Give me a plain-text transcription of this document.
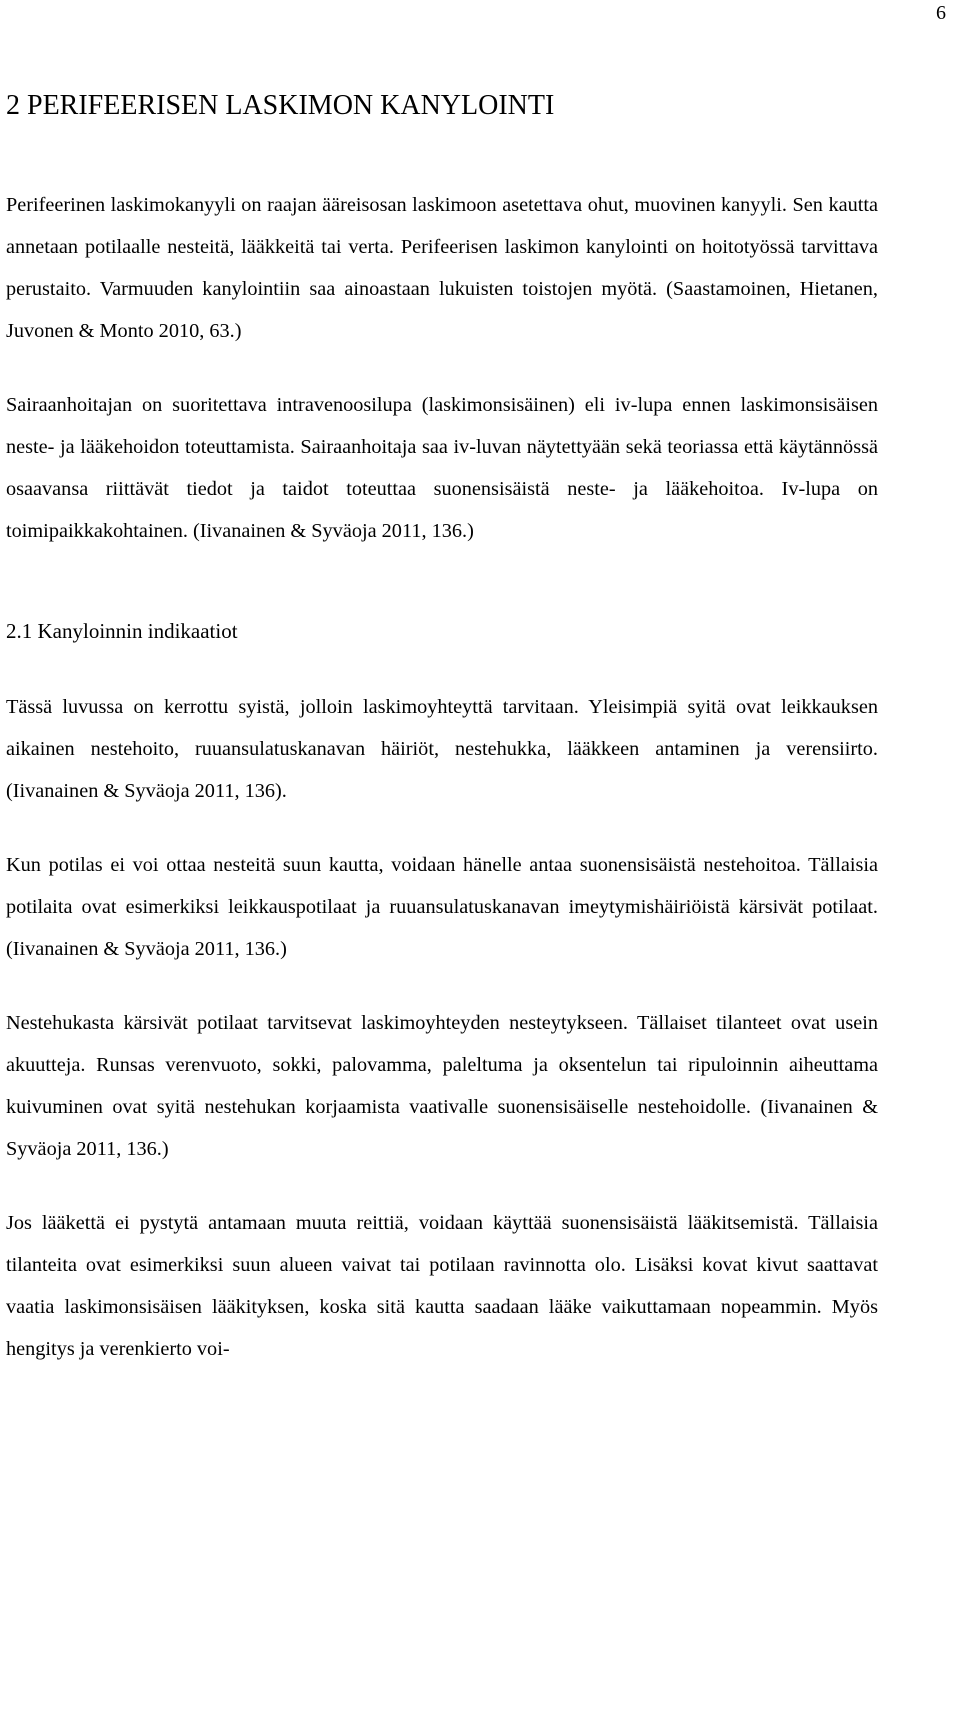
6
2 PERIFEERISEN LASKIMON KANYLOINTI

Perifeerinen laskimokanyyli on raajan ääreisosan laskimoon asetettava ohut, muovinen kanyyli. Sen kautta annetaan potilaalle nesteitä, lääkkeitä tai verta. Perifeerisen laskimon kanylointi on hoitotyössä tarvittava perustaito. Varmuuden kanylointiin saa ainoastaan lukuisten toistojen myötä. (Saastamoinen, Hietanen, Juvonen & Monto 2010, 63.)

Sairaanhoitajan on suoritettava intravenoosilupa (laskimonsisäinen) eli iv-lupa ennen laskimonsisäisen neste- ja lääkehoidon toteuttamista. Sairaanhoitaja saa iv-luvan näytettyään sekä teoriassa että käytännössä osaavansa riittävät tiedot ja taidot toteuttaa suonensisäistä neste- ja lääkehoitoa. Iv-lupa on toimipaikkakohtainen. (Iivanainen & Syväoja 2011, 136.)

2.1 Kanyloinnin indikaatiot

Tässä luvussa on kerrottu syistä, jolloin laskimoyhteyttä tarvitaan. Yleisimpiä syitä ovat leikkauksen aikainen nestehoito, ruuansulatuskanavan häiriöt, nestehukka, lääkkeen antaminen ja verensiirto. (Iivanainen & Syväoja 2011, 136).

Kun potilas ei voi ottaa nesteitä suun kautta, voidaan hänelle antaa suonensisäistä nestehoitoa. Tällaisia potilaita ovat esimerkiksi leikkauspotilaat ja ruuansulatuskanavan imeytymishäiriöistä kärsivät potilaat. (Iivanainen & Syväoja 2011, 136.)

Nestehukasta kärsivät potilaat tarvitsevat laskimoyhteyden nesteytykseen. Tällaiset tilanteet ovat usein akuutteja. Runsas verenvuoto, sokki, palovamma, paleltuma ja oksentelun tai ripuloinnin aiheuttama kuivuminen ovat syitä nestehukan korjaamista vaativalle suonensisäiselle nestehoidolle. (Iivanainen & Syväoja 2011, 136.)

Jos lääkettä ei pystytä antamaan muuta reittiä, voidaan käyttää suonensisäistä lääkitsemistä. Tällaisia tilanteita ovat esimerkiksi suun alueen vaivat tai potilaan ravinnotta olo. Lisäksi kovat kivut saattavat vaatia laskimonsisäisen lääkityksen, koska sitä kautta saadaan lääke vaikuttamaan nopeammin. Myös hengitys ja verenkierto voi-
